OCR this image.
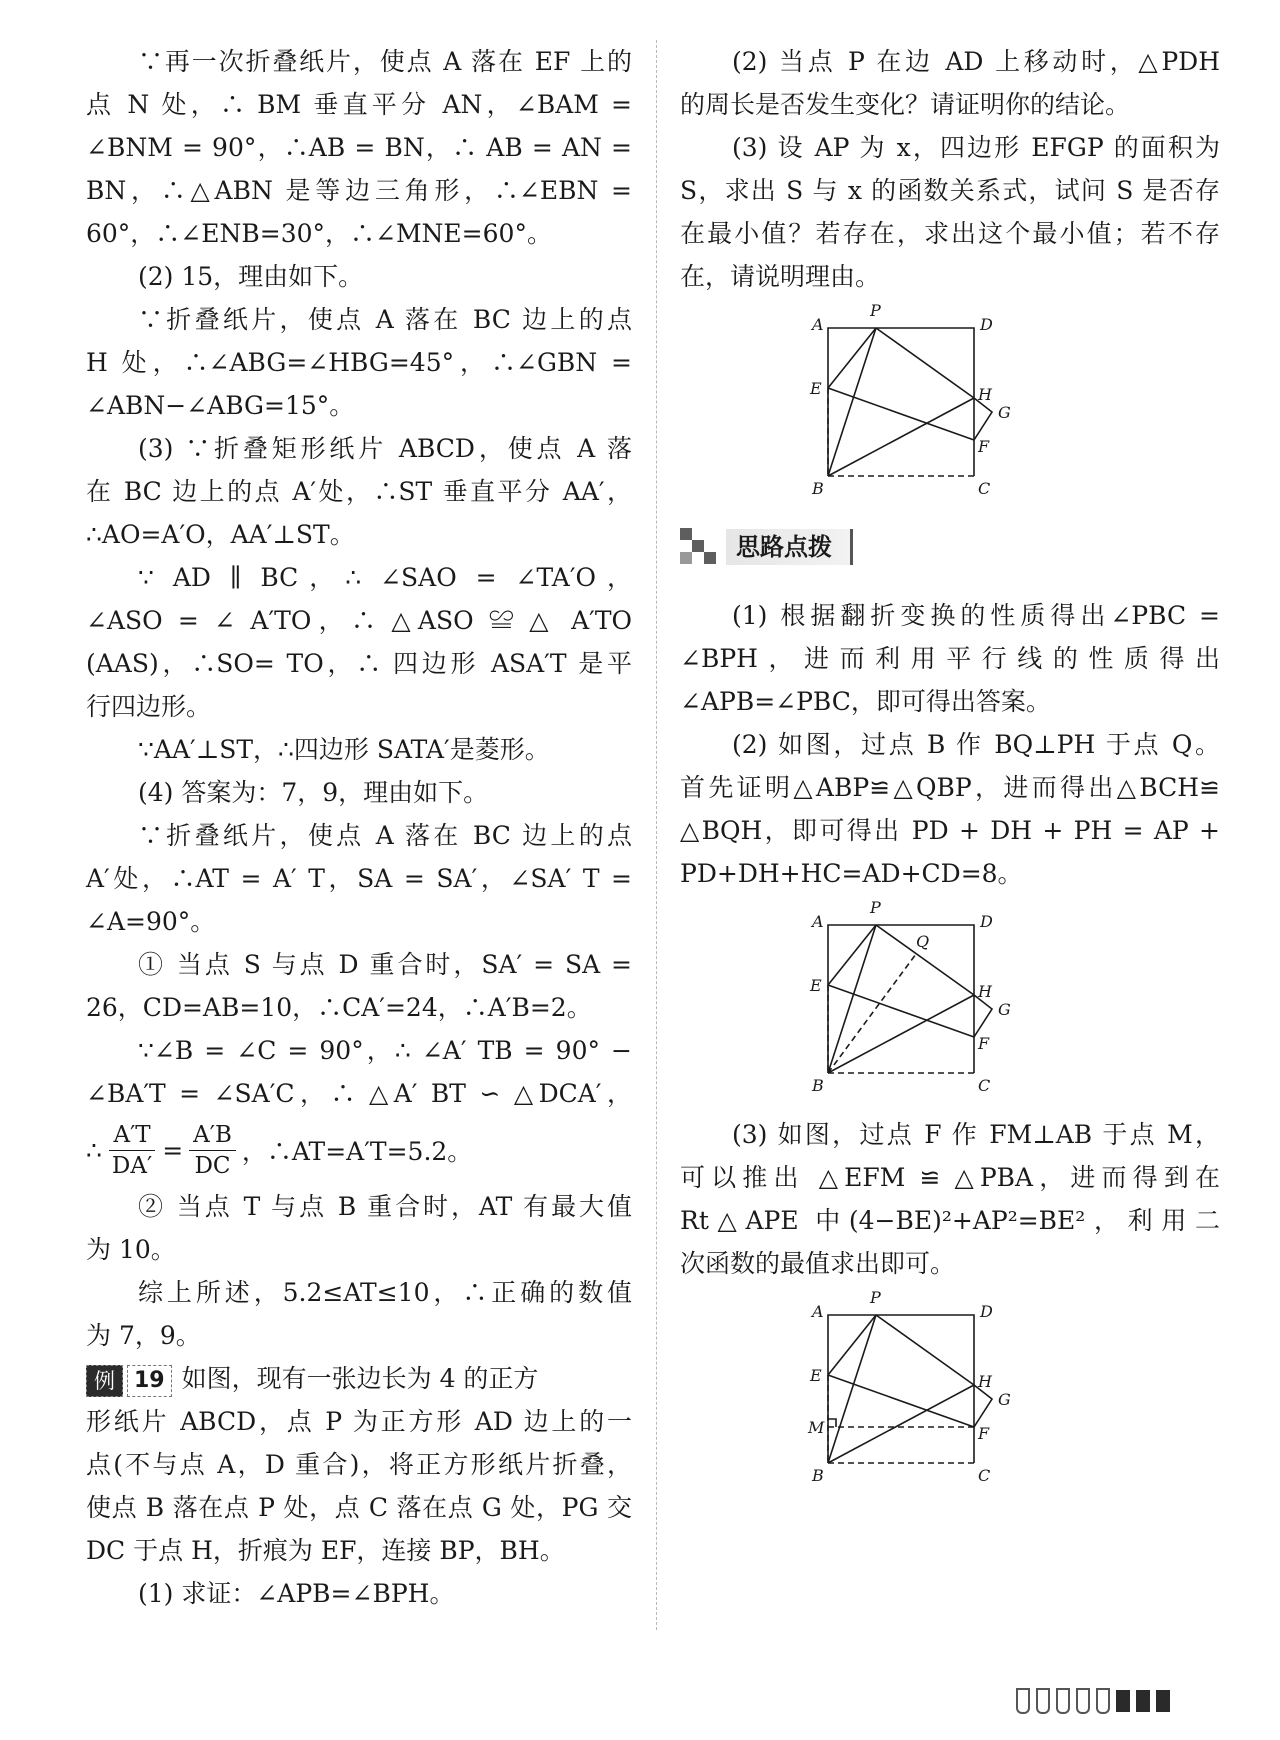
∵再一次折叠纸片，使点 A 落在 EF 上的
点 N 处，∴ BM 垂直平分 AN，∠BAM =
∠BNM = 90°，∴AB = BN，∴ AB = AN =
BN，∴△ABN 是等边三角形，∴∠EBN =
60°，∴∠ENB=30°，∴∠MNE=60°。
(2) 15，理由如下。
∵折叠纸片，使点 A 落在 BC 边上的点
H 处，∴∠ABG=∠HBG=45°，∴∠GBN =
∠ABN−∠ABG=15°。
(3) ∵折叠矩形纸片 ABCD，使点 A 落
在 BC 边上的点 A′处，∴ST 垂直平分 AA′，
∴AO=A′O，AA′⊥ST。
∵ AD ∥ BC，∴ ∠SAO = ∠TA′O，
∠ASO = ∠ A′TO，∴ △ASO ≌ △ A′TO
(AAS)，∴SO= TO，∴ 四边形 ASA′T 是平
行四边形。
∵AA′⊥ST，∴四边形 SATA′是菱形。
(4) 答案为：7，9，理由如下。
∵折叠纸片，使点 A 落在 BC 边上的点
A′处，∴AT = A′ T，SA = SA′，∠SA′ T =
∠A=90°。
① 当点 S 与点 D 重合时，SA′ = SA =
26，CD=AB=10，∴CA′=24，∴A′B=2。
∵∠B = ∠C = 90°，∴ ∠A′ TB = 90° −
∠BA′T = ∠SA′C，∴ △A′ BT ∽ △DCA′，
∴ $\frac{A'T}{DA'} = \frac{A'B}{DC}$ ，∴AT=A′T=5.2。
② 当点 T 与点 B 重合时，AT 有最大值
为 10。
综上所述，5.2≤AT≤10，∴正确的数值
为 7，9。
例 19 如图，现有一张边长为 4 的正方
形纸片 ABCD，点 P 为正方形 AD 边上的一
点(不与点 A，D 重合)，将正方形纸片折叠，
使点 B 落在点 P 处，点 C 落在点 G 处，PG 交
DC 于点 H，折痕为 EF，连接 BP，BH。
(1) 求证：∠APB=∠BPH。
(2) 当点 P 在边 AD 上移动时，△PDH
的周长是否发生变化？请证明你的结论。
(3) 设 AP 为 x，四边形 EFGP 的面积为
S，求出 S 与 x 的函数关系式，试问 S 是否存
在最小值？若存在，求出这个最小值；若不存
在，请说明理由。
A
P
D
E	H
G
F
B	C
思路点拨
(1) 根据翻折变换的性质得出∠PBC =
∠BPH，进而利用平行线的性质得出
∠APB=∠PBC，即可得出答案。
(2) 如图，过点 B 作 BQ⊥PH 于点 Q。
首先证明△ABP≌△QBP，进而得出△BCH≌
△BQH，即可得出 PD + DH + PH = AP +
PD+DH+HC=AD+CD=8。
A
P
D
Q
E	H
G
F
B	C
(3) 如图，过点 F 作 FM⊥AB 于点 M，
可以推出 △EFM ≌ △PBA，进而得到在
Rt△APE 中(4−BE)²+AP²=BE²，利用二
次函数的最值求出即可。
A
P
D
E	H
G
M	F
B	C
